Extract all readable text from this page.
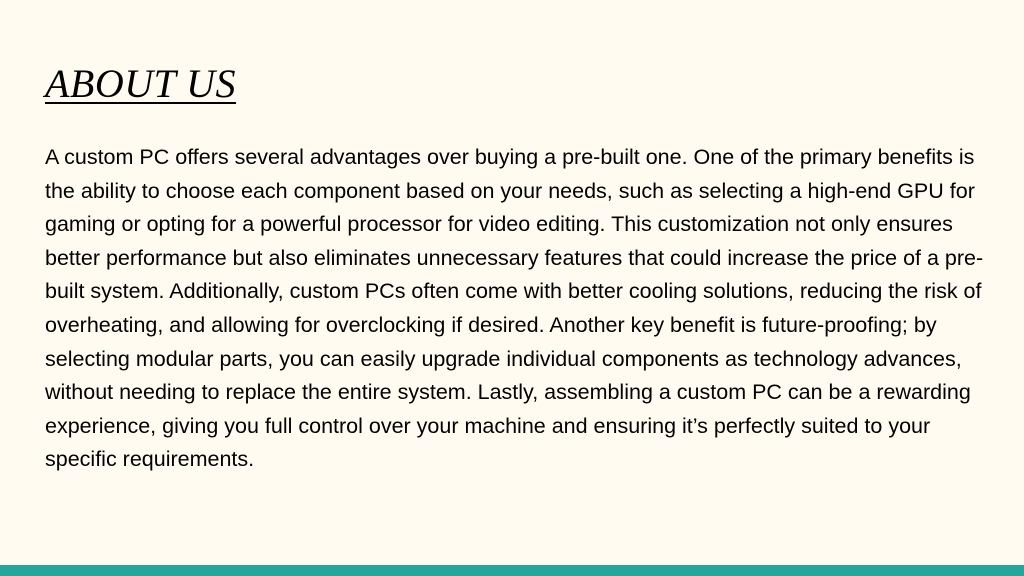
ABOUT US

A custom PC offers several advantages over buying a pre-built one. One of the primary benefits is the ability to choose each component based on your needs, such as selecting a high-end GPU for gaming or opting for a powerful processor for video editing. This customization not only ensures better performance but also eliminates unnecessary features that could increase the price of a pre-built system. Additionally, custom PCs often come with better cooling solutions, reducing the risk of overheating, and allowing for overclocking if desired. Another key benefit is future-proofing; by selecting modular parts, you can easily upgrade individual components as technology advances, without needing to replace the entire system. Lastly, assembling a custom PC can be a rewarding experience, giving you full control over your machine and ensuring it’s perfectly suited to your specific requirements.
